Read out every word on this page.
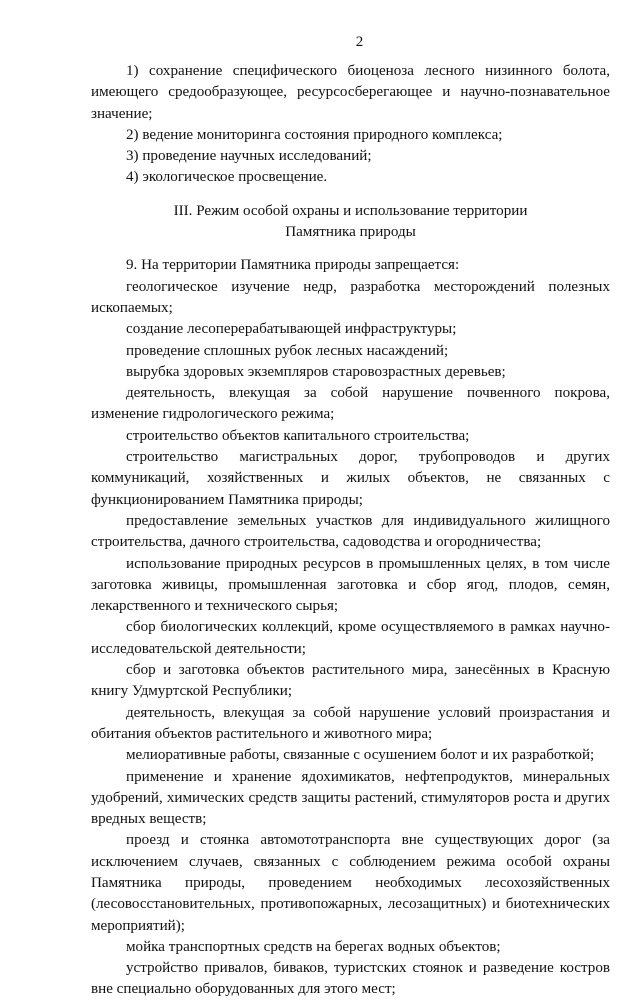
2

1) сохранение специфического биоценоза лесного низинного болота, имеющего средообразующее, ресурсосберегающее и научно-познавательное значение;

2) ведение мониторинга состояния природного комплекса;

3) проведение научных исследований;

4) экологическое просвещение.

III. Режим особой охраны и использование территории
Памятника природы

9. На территории Памятника природы запрещается:

геологическое изучение недр, разработка месторождений полезных ископаемых;

создание лесоперерабатывающей инфраструктуры;

проведение сплошных рубок лесных насаждений;

вырубка здоровых экземпляров старовозрастных деревьев;

деятельность, влекущая за собой нарушение почвенного покрова, изменение гидрологического режима;

строительство объектов капитального строительства;

строительство магистральных дорог, трубопроводов и других коммуникаций, хозяйственных и жилых объектов, не связанных с функционированием Памятника природы;

предоставление земельных участков для индивидуального жилищного строительства, дачного строительства, садоводства и огородничества;

использование природных ресурсов в промышленных целях, в том числе заготовка живицы, промышленная заготовка и сбор ягод, плодов, семян, лекарственного и технического сырья;

сбор биологических коллекций, кроме осуществляемого в рамках научно-исследовательской деятельности;

сбор и заготовка объектов растительного мира, занесённых в Красную книгу Удмуртской Республики;

деятельность, влекущая за собой нарушение условий произрастания и обитания объектов растительного и животного мира;

мелиоративные работы, связанные с осушением болот и их разработкой;

применение и хранение ядохимикатов, нефтепродуктов, минеральных удобрений, химических средств защиты растений, стимуляторов роста и других вредных веществ;

проезд и стоянка автомототранспорта вне существующих дорог (за исключением случаев, связанных с соблюдением режима особой охраны Памятника природы, проведением необходимых лесохозяйственных (лесовосстановительных, противопожарных, лесозащитных) и биотехнических мероприятий);

мойка транспортных средств на берегах водных объектов;

устройство привалов, биваков, туристских стоянок и разведение костров вне специально оборудованных для этого мест;
